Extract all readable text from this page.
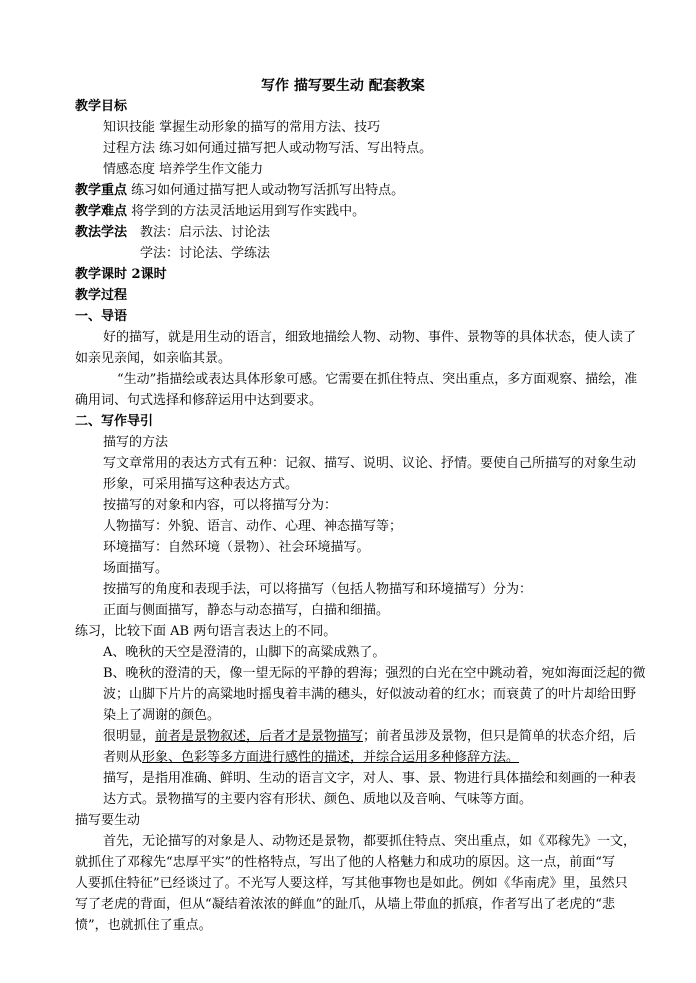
写作 描写要生动 配套教案
教学目标
知识技能 掌握生动形象的描写的常用方法、技巧
过程方法 练习如何通过描写把人或动物写活、写出特点。
情感态度 培养学生作文能力
教学重点 练习如何通过描写把人或动物写活抓写出特点。
教学难点 将学到的方法灵活地运用到写作实践中。
教法学法 教法：启示法、讨论法
学法：讨论法、学练法
教学课时 2课时
教学过程
一、导语
好的描写，就是用生动的语言，细致地描绘人物、动物、事件、景物等的具体状态，使人读了
如亲见亲闻，如亲临其景。
“生动”指描绘或表达具体形象可感。它需要在抓住特点、突出重点，多方面观察、描绘，准
确用词、句式选择和修辞运用中达到要求。
二、写作导引
描写的方法
写文章常用的表达方式有五种：记叙、描写、说明、议论、抒情。要使自己所描写的对象生动
形象，可采用描写这种表达方式。
按描写的对象和内容，可以将描写分为：
人物描写：外貌、语言、动作、心理、神态描写等；
环境描写：自然环境（景物）、社会环境描写。
场面描写。
按描写的角度和表现手法，可以将描写（包括人物描写和环境描写）分为：
正面与侧面描写，静态与动态描写，白描和细描。
练习，比较下面 AB 两句语言表达上的不同。
A、晚秋的天空是澄清的，山脚下的高粱成熟了。
B、晚秋的澄清的天，像一望无际的平静的碧海；强烈的白光在空中跳动着，宛如海面泛起的微
波；山脚下片片的高粱地时摇曳着丰满的穗头，好似波动着的红水；而衰黄了的叶片却给田野
染上了凋谢的颜色。
很明显，前者是景物叙述，后者才是景物描写；前者虽涉及景物，但只是简单的状态介绍，后
者则从形象、色彩等多方面进行感性的描述，并综合运用多种修辞方法。
描写，是指用准确、鲜明、生动的语言文字，对人、事、景、物进行具体描绘和刻画的一种表
达方式。景物描写的主要内容有形状、颜色、质地以及音响、气味等方面。
描写要生动
首先，无论描写的对象是人、动物还是景物，都要抓住特点、突出重点，如《邓稼先》一文，
就抓住了邓稼先“忠厚平实”的性格特点，写出了他的人格魅力和成功的原因。这一点，前面“写
人要抓住特征”已经谈过了。不光写人要这样，写其他事物也是如此。例如《华南虎》里，虽然只
写了老虎的背面，但从“凝结着浓浓的鲜血”的趾爪，从墙上带血的抓痕，作者写出了老虎的“悲
愤”，也就抓住了重点。
